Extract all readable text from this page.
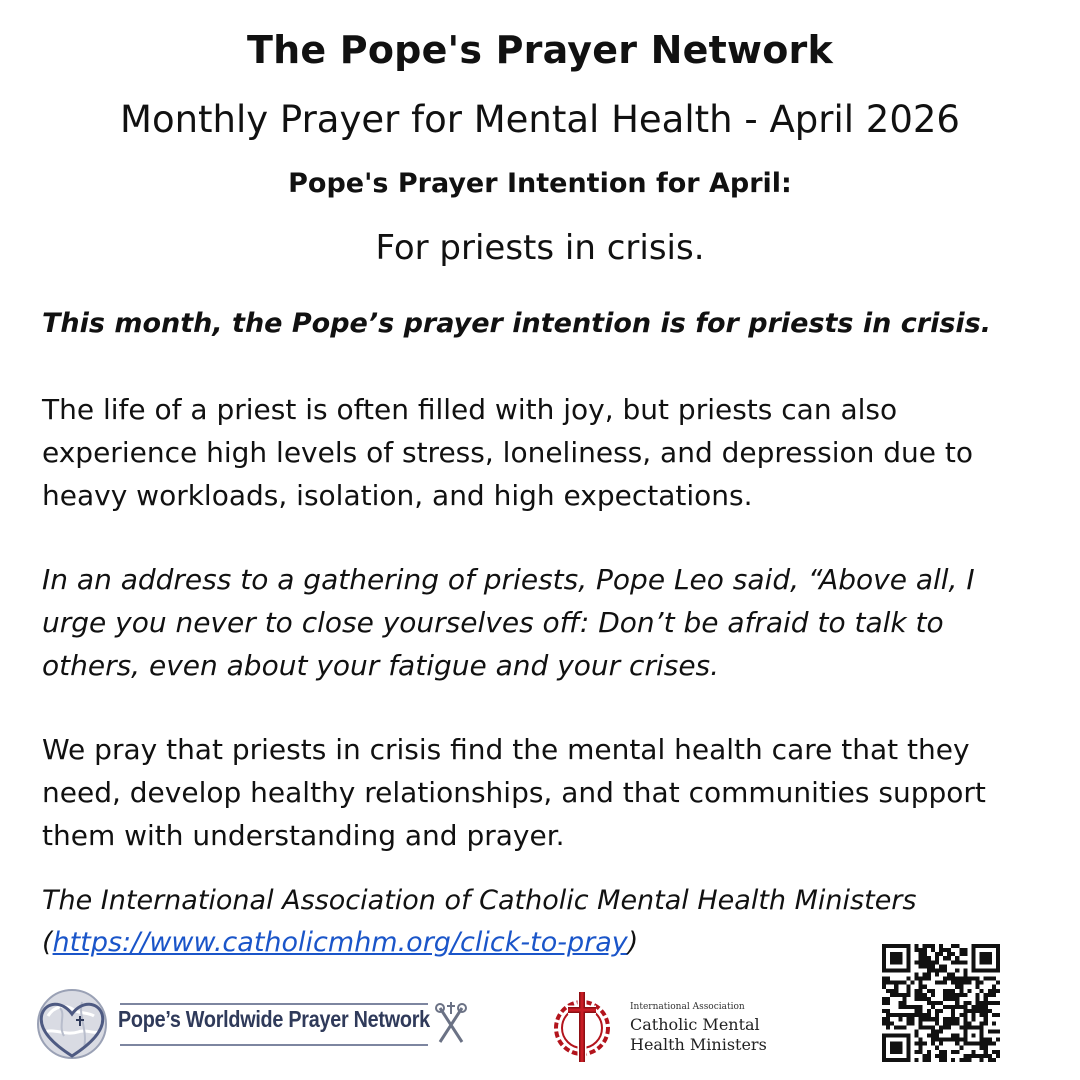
The Pope's Prayer Network
Monthly Prayer for Mental Health - April 2026
Pope's Prayer Intention for April:
For priests in crisis.
This month, the Pope’s prayer intention is for priests in crisis.
The life of a priest is often filled with joy, but priests can also experience high levels of stress, loneliness, and depression due to heavy workloads, isolation, and high expectations.
In an address to a gathering of priests, Pope Leo said, “Above all, I urge you never to close yourselves off: Don’t be afraid to talk to others, even about your fatigue and your crises.
We pray that priests in crisis find the mental health care that they need, develop healthy relationships, and that communities support them with understanding and prayer.
The International Association of Catholic Mental Health Ministers
(https://www.catholicmhm.org/click-to-pray)
Pope’s Worldwide Prayer Network	International Association
Catholic Mental
Health Ministers
